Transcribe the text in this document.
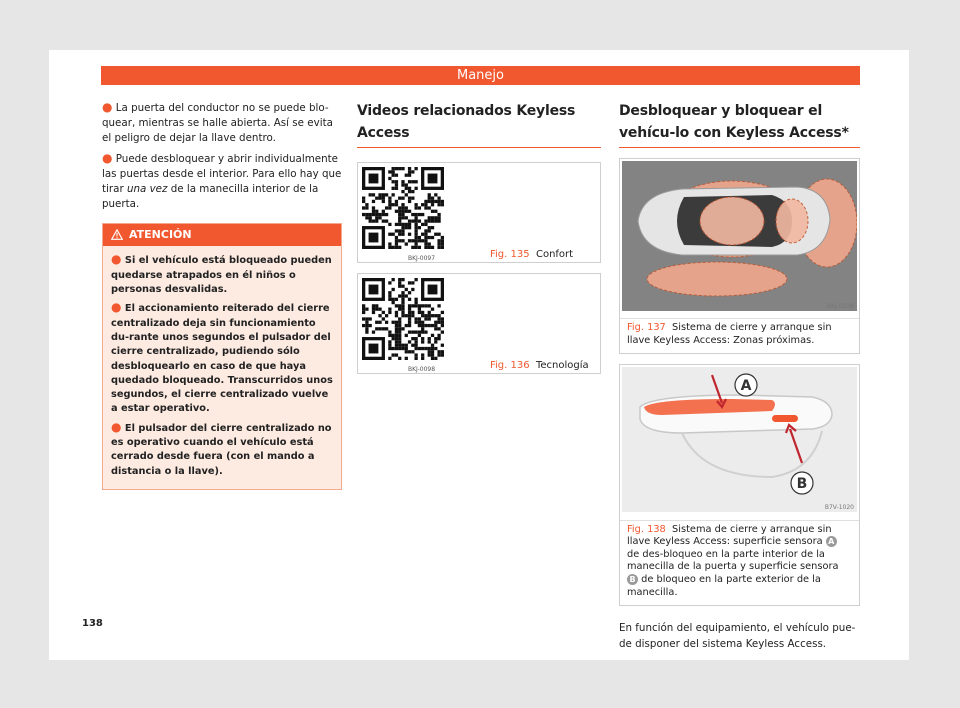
Manejo

● La puerta del conductor no se puede blo-quear, mientras se halle abierta. Así se evita el peligro de dejar la llave dentro.

● Puede desbloquear y abrir individualmente las puertas desde el interior. Para ello hay que tirar una vez de la manecilla interior de la puerta.

ATENCIÓN

● Si el vehículo está bloqueado pueden quedarse atrapados en él niños o personas desvalidas.

● El accionamiento reiterado del cierre centralizado deja sin funcionamiento du-rante unos segundos el pulsador del cierre centralizado, pudiendo sólo desbloquearlo en caso de que haya quedado bloqueado. Transcurridos unos segundos, el cierre centralizado vuelve a estar operativo.

● El pulsador del cierre centralizado no es operativo cuando el vehículo está cerrado desde fuera (con el mando a distancia o la llave).

Videos relacionados Keyless Access
BKJ-0097	Fig. 135 Confort
BKJ-0098	Fig. 136 Tecnología
Desbloquear y bloquear el vehícu-lo con Keyless Access*
BKJ-0238
Fig. 137 Sistema de cierre y arranque sin llave Keyless Access: Zonas próximas.
A
B
B7V-1020
Fig. 138 Sistema de cierre y arranque sin llave Keyless Access: superficie sensora A de des-bloqueo en la parte interior de la manecilla de la puerta y superficie sensora B de bloqueo en la parte exterior de la manecilla.

En función del equipamiento, el vehículo pue-de disponer del sistema Keyless Access.

138
